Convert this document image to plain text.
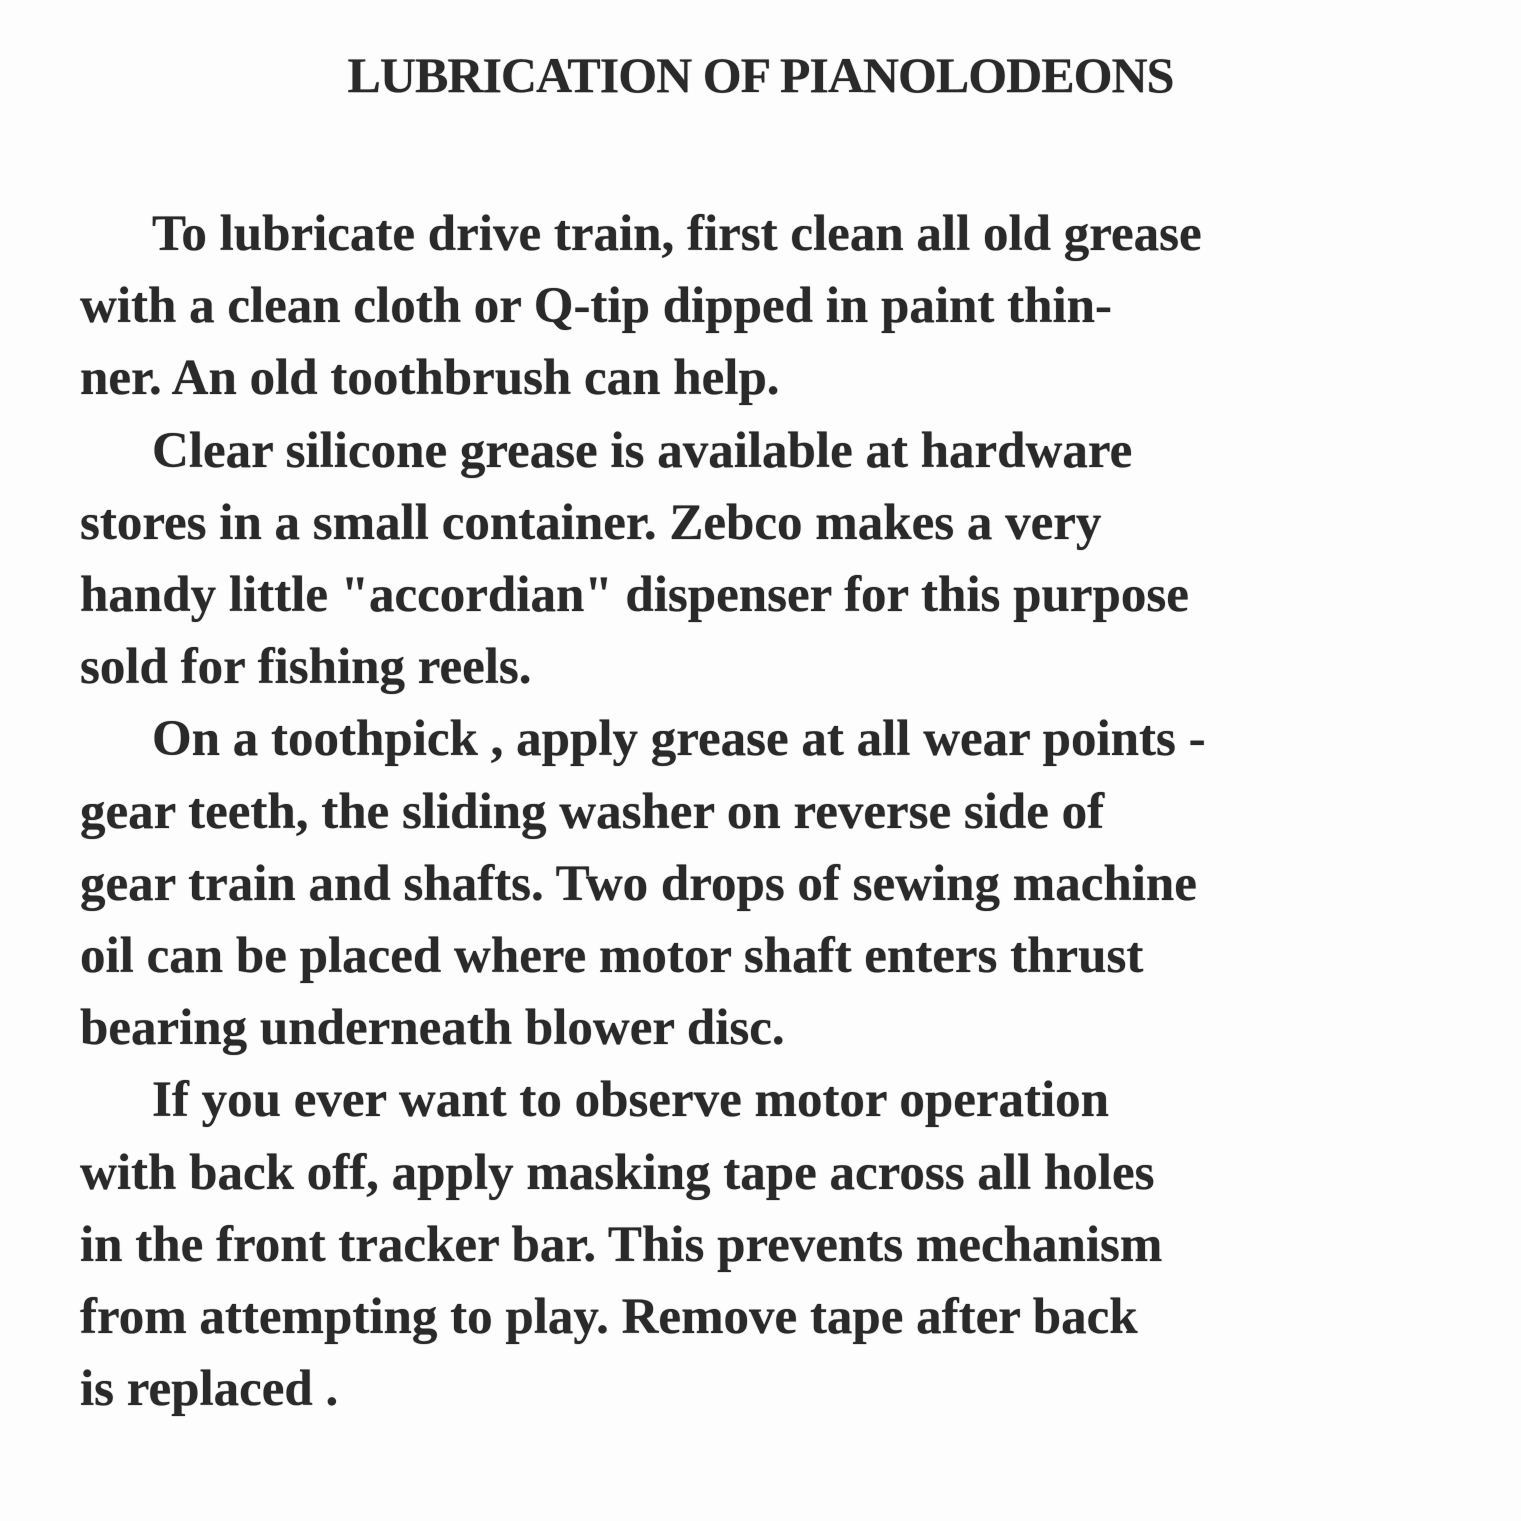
LUBRICATION OF PIANOLODEONS
To lubricate drive train, first clean all old grease
with a clean cloth or Q-tip dipped in paint thin-
ner. An old toothbrush can help.
Clear silicone grease is available at hardware
stores in a small container. Zebco makes a very
handy little "accordian" dispenser for this purpose
sold for fishing reels.
On a toothpick , apply grease at all wear points -
gear teeth, the sliding washer on reverse side of
gear train and shafts. Two drops of sewing machine
oil can be placed where motor shaft enters thrust
bearing underneath blower disc.
If you ever want to observe motor operation
with back off, apply masking tape across all holes
in the front tracker bar. This prevents mechanism
from attempting to play. Remove tape after back
is replaced .
